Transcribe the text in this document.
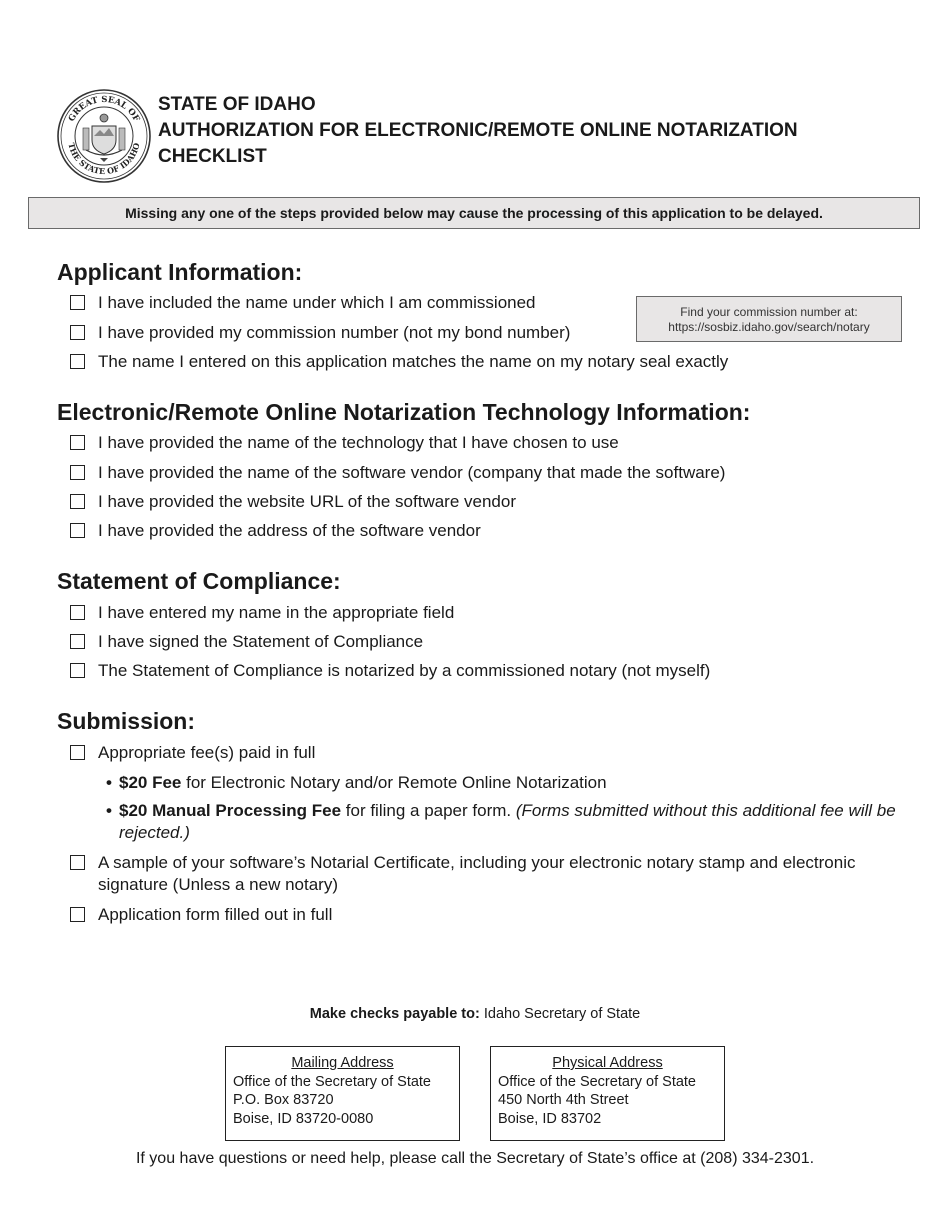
GREAT SEAL OF
THE STATE OF IDAHO
STATE OF IDAHO
AUTHORIZATION FOR ELECTRONIC/REMOTE ONLINE NOTARIZATION
CHECKLIST
Missing any one of the steps provided below may cause the processing of this application to be delayed.
Applicant Information:
I have included the name under which I am commissioned
I have provided my commission number (not my bond number)
The name I entered on this application matches the name on my notary seal exactly
Find your commission number at:
https://sosbiz.idaho.gov/search/notary
Electronic/Remote Online Notarization Technology Information:
I have provided the name of the technology that I have chosen to use
I have provided the name of the software vendor (company that made the software)
I have provided the website URL of the software vendor
I have provided the address of the software vendor
Statement of Compliance:
I have entered my name in the appropriate field
I have signed the Statement of Compliance
The Statement of Compliance is notarized by a commissioned notary (not myself)
Submission:
Appropriate fee(s) paid in full
• $20 Fee for Electronic Notary and/or Remote Online Notarization
• $20 Manual Processing Fee for filing a paper form. (Forms submitted without this additional fee will be rejected.)
A sample of your software’s Notarial Certificate, including your electronic notary stamp and electronic signature (Unless a new notary)
Application form filled out in full
Make checks payable to: Idaho Secretary of State
Mailing Address
Office of the Secretary of State
P.O. Box 83720
Boise, ID 83720-0080
Physical Address
Office of the Secretary of State
450 North 4th Street
Boise, ID 83702
If you have questions or need help, please call the Secretary of State’s office at (208) 334-2301.
